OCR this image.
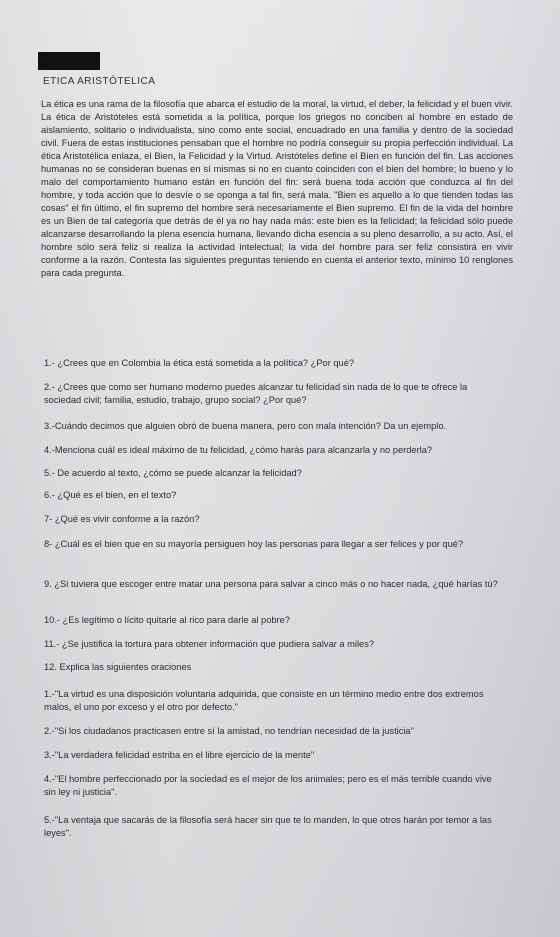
ETICA ARISTÓTELICA

La ética es una rama de la filosofía que abarca el estudio de la moral, la virtud, el deber, la felicidad y el buen vivir. La ética de Aristóteles está sometida a la política, porque los griegos no conciben al hombre en estado de aislamiento, solitario o individualista, sino como ente social, encuadrado en una familia y dentro de la sociedad civil. Fuera de estas instituciones pensaban que el hombre no podría conseguir su propia perfección individual. La ética Aristotélica enlaza, el Bien, la Felicidad y la Virtud. Aristóteles define el Bien en función del fin. Las acciones humanas no se consideran buenas en sí mismas si no en cuanto coinciden con el bien del hombre; lo bueno y lo malo del comportamiento humano están en función del fin: será buena toda acción que conduzca al fin del hombre, y toda acción que lo desvíe o se oponga a tal fin, será mala. "Bien es aquello a lo que tienden todas las cosas" el fin último, el fin supremo del hombre será necesariamente el Bien supremo. El fin de la vida del hombre es un Bien de tal categoría que detrás de él ya no hay nada más: este bien es la felicidad; la felicidad sólo puede alcanzarse desarrollando la plena esencia humana, llevando dicha esencia a su pleno desarrollo, a su acto. Así, el hombre sólo será feliz si realiza la actividad intelectual; la vida del hombre para ser feliz consistirá en vivir conforme a la razón. Contesta las siguientes preguntas teniendo en cuenta el anterior texto, mínimo 10 renglones para cada pregunta.

1.- ¿Crees que en Colombia la ética está sometida a la política? ¿Por qué?
2.- ¿Crees que como ser humano moderno puedes alcanzar tu felicidad sin nada de lo que te ofrece la sociedad civil; familia, estudio, trabajo, grupo social? ¿Por qué?
3.-Cuándo decimos que alguien obró de buena manera, pero con mala intención? Da un ejemplo.
4.-Menciona cuál es ideal máximo de tu felicidad, ¿cómo harás para alcanzarla y no perderla?
5.- De acuerdo al texto, ¿cómo se puede alcanzar la felicidad?
6.- ¿Qué es el bien, en el texto?
7- ¿Qué es vivir conforme a la razón?
8- ¿Cuál es el bien que en su mayoría persiguen hoy las personas para llegar a ser felices y por qué?
9. ¿Si tuviera que escoger entre matar una persona para salvar a cinco más o no hacer nada, ¿qué harías tú?
10.- ¿Es legítimo o lícito quitarle al rico para darle al pobre?
11.- ¿Se justifica la tortura para obtener información que pudiera salvar a miles?
12. Explica las siguientes oraciones
1.-"La virtud es una disposición voluntaria adquirida, que consiste en un término medio entre dos extremos malos, el uno por exceso y el otro por defecto."
2.-"Si los ciudadanos practicasen entre sí la amistad, no tendrían necesidad de la justicia"
3.-"La verdadera felicidad estriba en el libre ejercicio de la mente"
4.-"El hombre perfeccionado por la sociedad es el mejor de los animales; pero es el más terrible cuando vive sin ley ni justicia".
5.-"La ventaja que sacarás de la filosofía será hacer sin que te lo manden, lo que otros harán por temor a las leyes".
